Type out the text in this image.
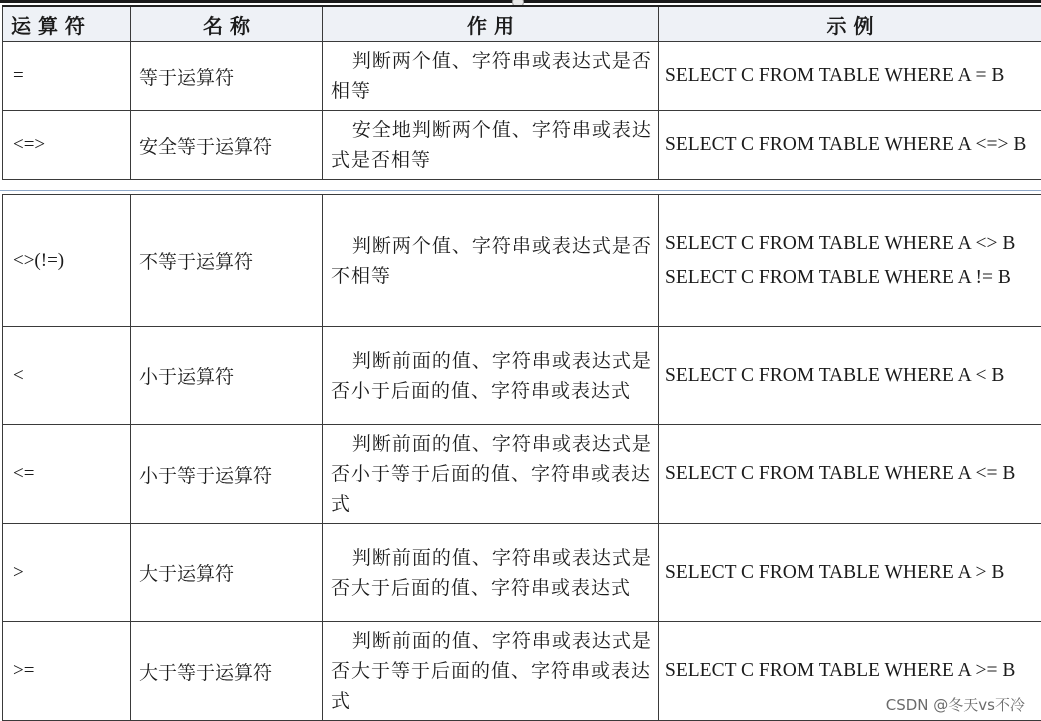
运 算 符	名 称	作 用	示 例
=	等于运算符	判断两个值、字符串或表达式是否相等	SELECT C FROM TABLE WHERE A = B

<=>	安全等于运算符	安全地判断两个值、字符串或表达式是否相等	SELECT C FROM TABLE WHERE A <=> B
<>(!=)	不等于运算符	判断两个值、字符串或表达式是否不相等	SELECT C FROM TABLE WHERE A <> B
SELECT C FROM TABLE WHERE A != B

<	小于运算符	判断前面的值、字符串或表达式是否小于后面的值、字符串或表达式	SELECT C FROM TABLE WHERE A < B

<=	小于等于运算符	判断前面的值、字符串或表达式是否小于等于后面的值、字符串或表达式	SELECT C FROM TABLE WHERE A <= B

>	大于运算符	判断前面的值、字符串或表达式是否大于后面的值、字符串或表达式	SELECT C FROM TABLE WHERE A > B

>=	大于等于运算符	判断前面的值、字符串或表达式是否大于等于后面的值、字符串或表达式	SELECT C FROM TABLE WHERE A >= B
CSDN @冬天vs不冷
